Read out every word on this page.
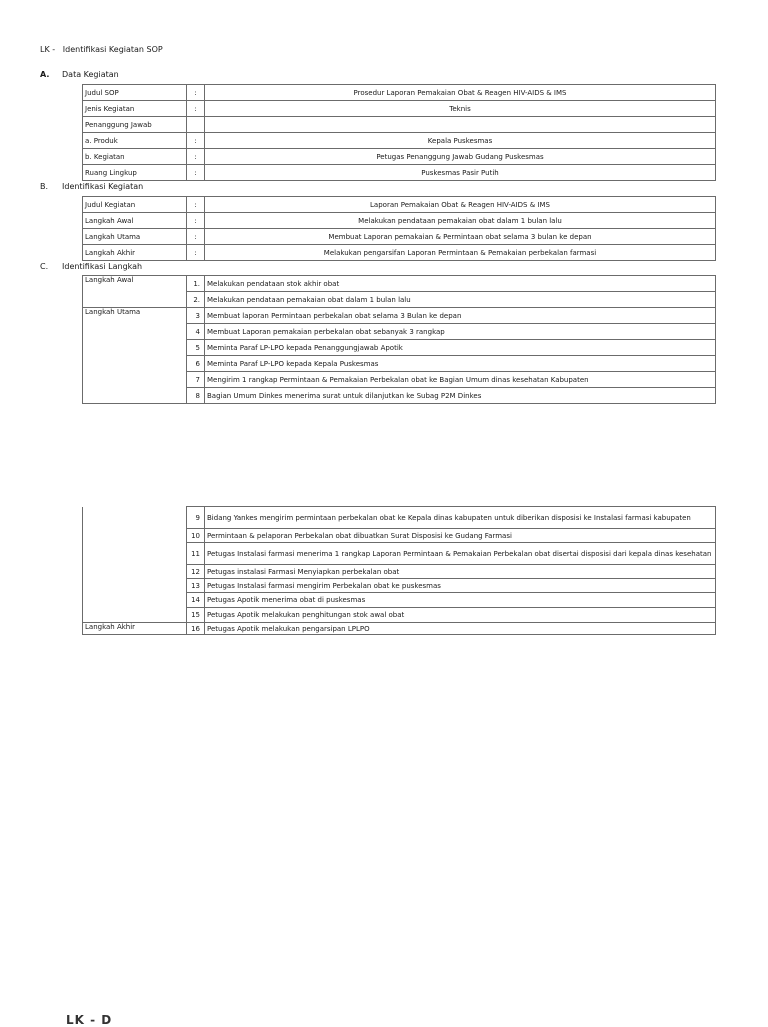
LK -   Identifikasi Kegiatan SOP
A. Data Kegiatan
Judul SOP	:	Prosedur Laporan Pemakaian Obat & Reagen HIV-AIDS & IMS
Jenis Kegiatan	:	Teknis
Penanggung Jawab		
a. Produk	:	Kepala Puskesmas
b. Kegiatan	:	Petugas Penanggung Jawab Gudang Puskesmas
Ruang Lingkup	:	Puskesmas Pasir Putih
B. Identifikasi Kegiatan
Judul Kegiatan	:	Laporan Pemakaian Obat & Reagen HIV-AIDS & IMS
Langkah Awal	:	Melakukan pendataan pemakaian obat dalam 1 bulan lalu
Langkah Utama	:	Membuat Laporan pemakaian & Permintaan obat selama 3 bulan ke depan
Langkah Akhir	:	Melakukan pengarsifan Laporan Permintaan & Pemakaian perbekalan farmasi
C. Identifikasi Langkah
Langkah Awal	1.	Melakukan pendataan stok akhir obat
	2.	Melakukan pendataan pemakaian obat dalam 1 bulan lalu
Langkah Utama	3	Membuat laporan Permintaan perbekalan obat selama 3 Bulan ke depan
	4	Membuat Laporan pemakaian perbekalan obat sebanyak 3 rangkap
	5	Meminta Paraf LP-LPO kepada Penanggungjawab Apotik
	6	Meminta Paraf LP-LPO kepada Kepala Puskesmas
	7	Mengirim 1 rangkap Permintaan & Pemakaian Perbekalan obat ke Bagian Umum dinas kesehatan Kabupaten
	8	Bagian Umum Dinkes menerima surat untuk dilanjutkan ke Subag P2M Dinkes
	9	Bidang Yankes mengirim permintaan perbekalan obat ke Kepala dinas kabupaten untuk diberikan disposisi ke Instalasi farmasi kabupaten
	10	Permintaan & pelaporan Perbekalan obat dibuatkan Surat Disposisi ke Gudang Farmasi
	11	Petugas Instalasi farmasi menerima 1 rangkap Laporan Permintaan & Pemakaian Perbekalan obat disertai disposisi dari kepala dinas kesehatan
	12	Petugas instalasi Farmasi Menyiapkan perbekalan obat
	13	Petugas Instalasi farmasi mengirim Perbekalan obat ke puskesmas
	14	Petugas Apotik menerima obat di puskesmas
	15	Petugas Apotik melakukan penghitungan stok awal obat
Langkah Akhir	16	Petugas Apotik melakukan pengarsipan LPLPO
LK - D
